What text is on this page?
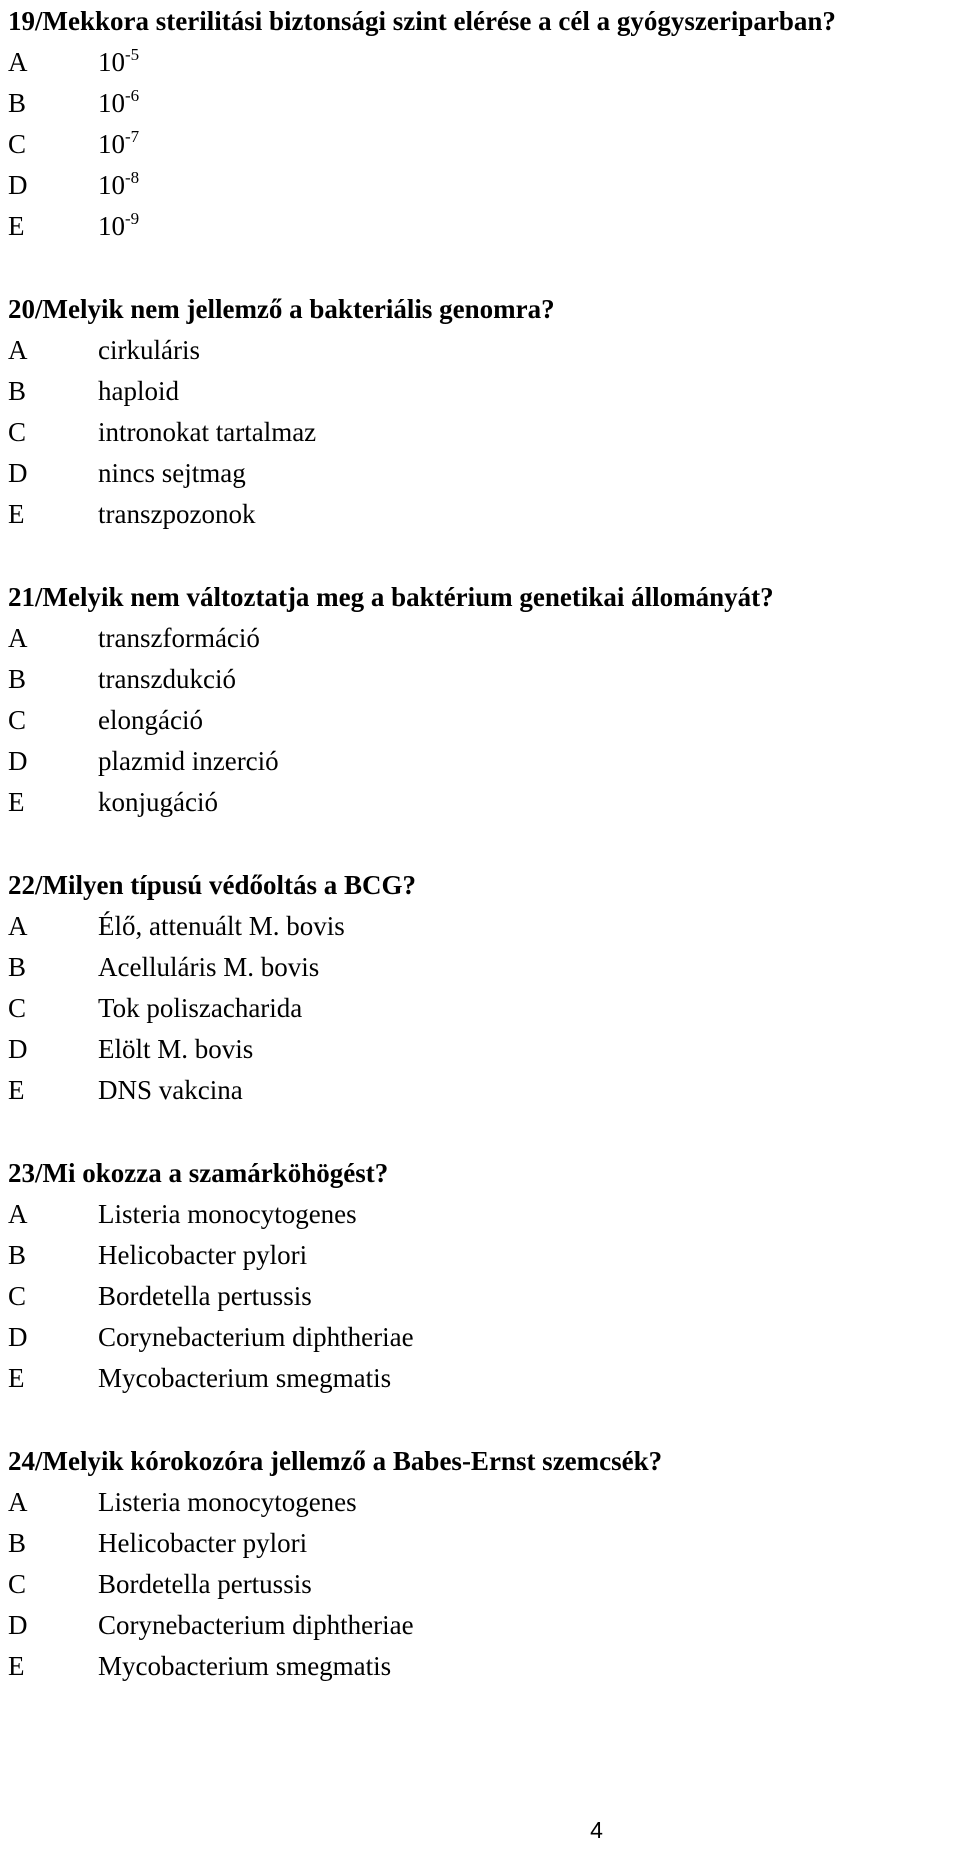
19/Mekkora sterilitási biztonsági szint elérése a cél a gyógyszeriparban?

A	$10^{-5}$
B	$10^{-6}$
C	$10^{-7}$
D	$10^{-8}$
E	$10^{-9}$

20/Melyik nem jellemző a bakteriális genomra?

A	cirkuláris
B	haploid
C	intronokat tartalmaz
D	nincs sejtmag
E	transzpozonok

21/Melyik nem változtatja meg a baktérium genetikai állományát?

A	transzformáció
B	transzdukció
C	elongáció
D	plazmid inzerció
E	konjugáció

22/Milyen típusú védőoltás a BCG?

A	Élő, attenuált M. bovis
B	Acelluláris M. bovis
C	Tok poliszacharida
D	Elölt M. bovis
E	DNS vakcina

23/Mi okozza a szamárköhögést?

A	Listeria monocytogenes
B	Helicobacter pylori
C	Bordetella pertussis
D	Corynebacterium diphtheriae
E	Mycobacterium smegmatis

24/Melyik kórokozóra jellemző a Babes-Ernst szemcsék?

A	Listeria monocytogenes
B	Helicobacter pylori
C	Bordetella pertussis
D	Corynebacterium diphtheriae
E	Mycobacterium smegmatis
4
